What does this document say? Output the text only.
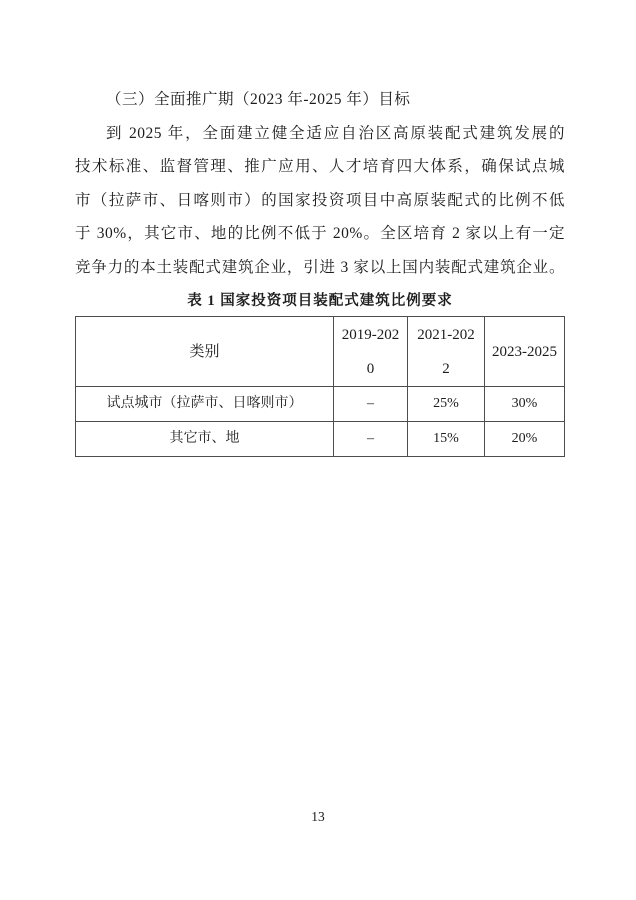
（三）全面推广期（2023 年-2025 年）目标
到 2025 年，全面建立健全适应自治区高原装配式建筑发展的
技术标准、监督管理、推广应用、人才培育四大体系，确保试点城
市（拉萨市、日喀则市）的国家投资项目中高原装配式的比例不低
于 30%，其它市、地的比例不低于 20%。全区培育 2 家以上有一定
竞争力的本土装配式建筑企业，引进 3 家以上国内装配式建筑企业。
表 1 国家投资项目装配式建筑比例要求
类别	2019-2020	2021-2022	2023-2025
试点城市（拉萨市、日喀则市）	–	25%	30%
其它市、地	–	15%	20%
13
